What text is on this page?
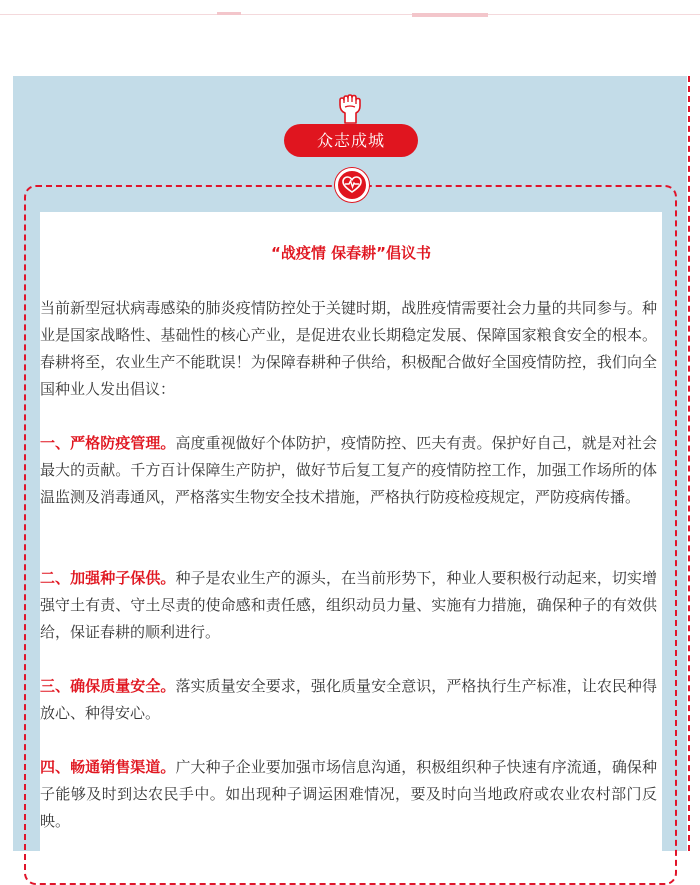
众志成城
“战疫情 保春耕”倡议书

当前新型冠状病毒感染的肺炎疫情防控处于关键时期，战胜疫情需要社会力量的共同参与。种业是国家战略性、基础性的核心产业，是促进农业长期稳定发展、保障国家粮食安全的根本。春耕将至，农业生产不能耽误！为保障春耕种子供给，积极配合做好全国疫情防控，我们向全国种业人发出倡议：

一、严格防疫管理。高度重视做好个体防护，疫情防控、匹夫有责。保护好自己，就是对社会最大的贡献。千方百计保障生产防护，做好节后复工复产的疫情防控工作，加强工作场所的体温监测及消毒通风，严格落实生物安全技术措施，严格执行防疫检疫规定，严防疫病传播。

二、加强种子保供。种子是农业生产的源头，在当前形势下，种业人要积极行动起来，切实增强守土有责、守土尽责的使命感和责任感，组织动员力量、实施有力措施，确保种子的有效供给，保证春耕的顺利进行。

三、确保质量安全。落实质量安全要求，强化质量安全意识，严格执行生产标准，让农民种得放心、种得安心。

四、畅通销售渠道。广大种子企业要加强市场信息沟通，积极组织种子快速有序流通，确保种子能够及时到达农民手中。如出现种子调运困难情况，要及时向当地政府或农业农村部门反映。
